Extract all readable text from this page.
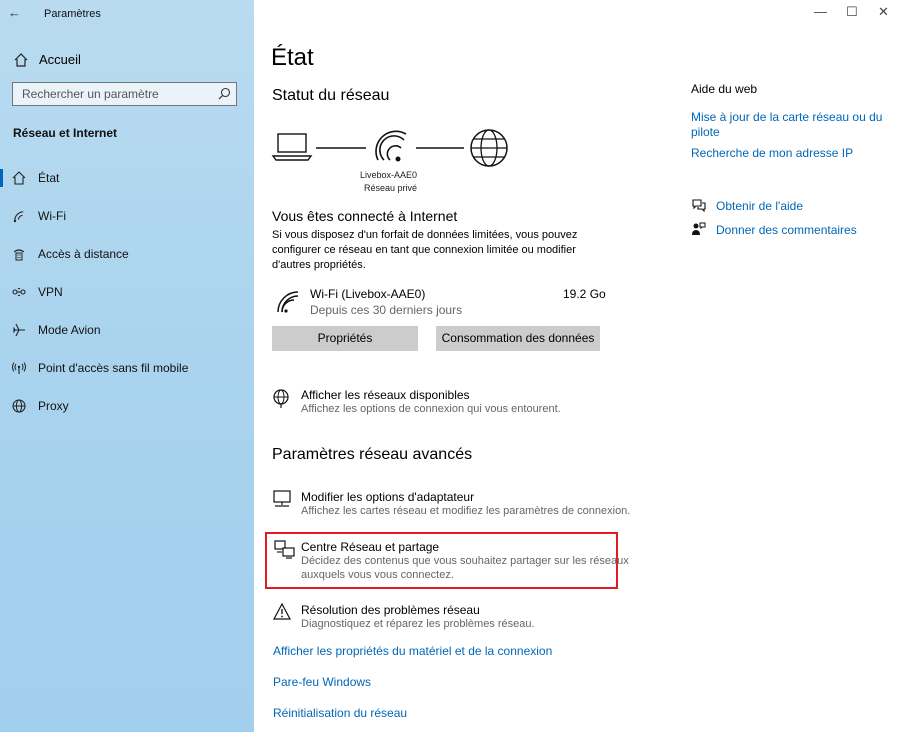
← Paramètres
Accueil
Rechercher un paramètre
Réseau et Internet
État
Wi-Fi
Accès à distance
VPN
Mode Avion
Point d'accès sans fil mobile
Proxy
— ☐ ✕
État
Statut du réseau
Livebox-AAE0
Réseau privé
Vous êtes connecté à Internet
Si vous disposez d'un forfait de données limitées, vous pouvez configurer ce réseau en tant que connexion limitée ou modifier d'autres propriétés.
Wi-Fi (Livebox-AAE0)
Depuis ces 30 derniers jours
19.2 Go
Propriétés	Consommation des données
Afficher les réseaux disponibles
Affichez les options de connexion qui vous entourent.
Paramètres réseau avancés
Modifier les options d'adaptateur
Affichez les cartes réseau et modifiez les paramètres de connexion.
Centre Réseau et partage
Décidez des contenus que vous souhaitez partager sur les réseaux
auxquels vous vous connectez.
Résolution des problèmes réseau
Diagnostiquez et réparez les problèmes réseau.
Afficher les propriétés du matériel et de la connexion
Pare-feu Windows
Réinitialisation du réseau
Aide du web
Mise à jour de la carte réseau ou du
pilote
Recherche de mon adresse IP
Obtenir de l'aide
Donner des commentaires
